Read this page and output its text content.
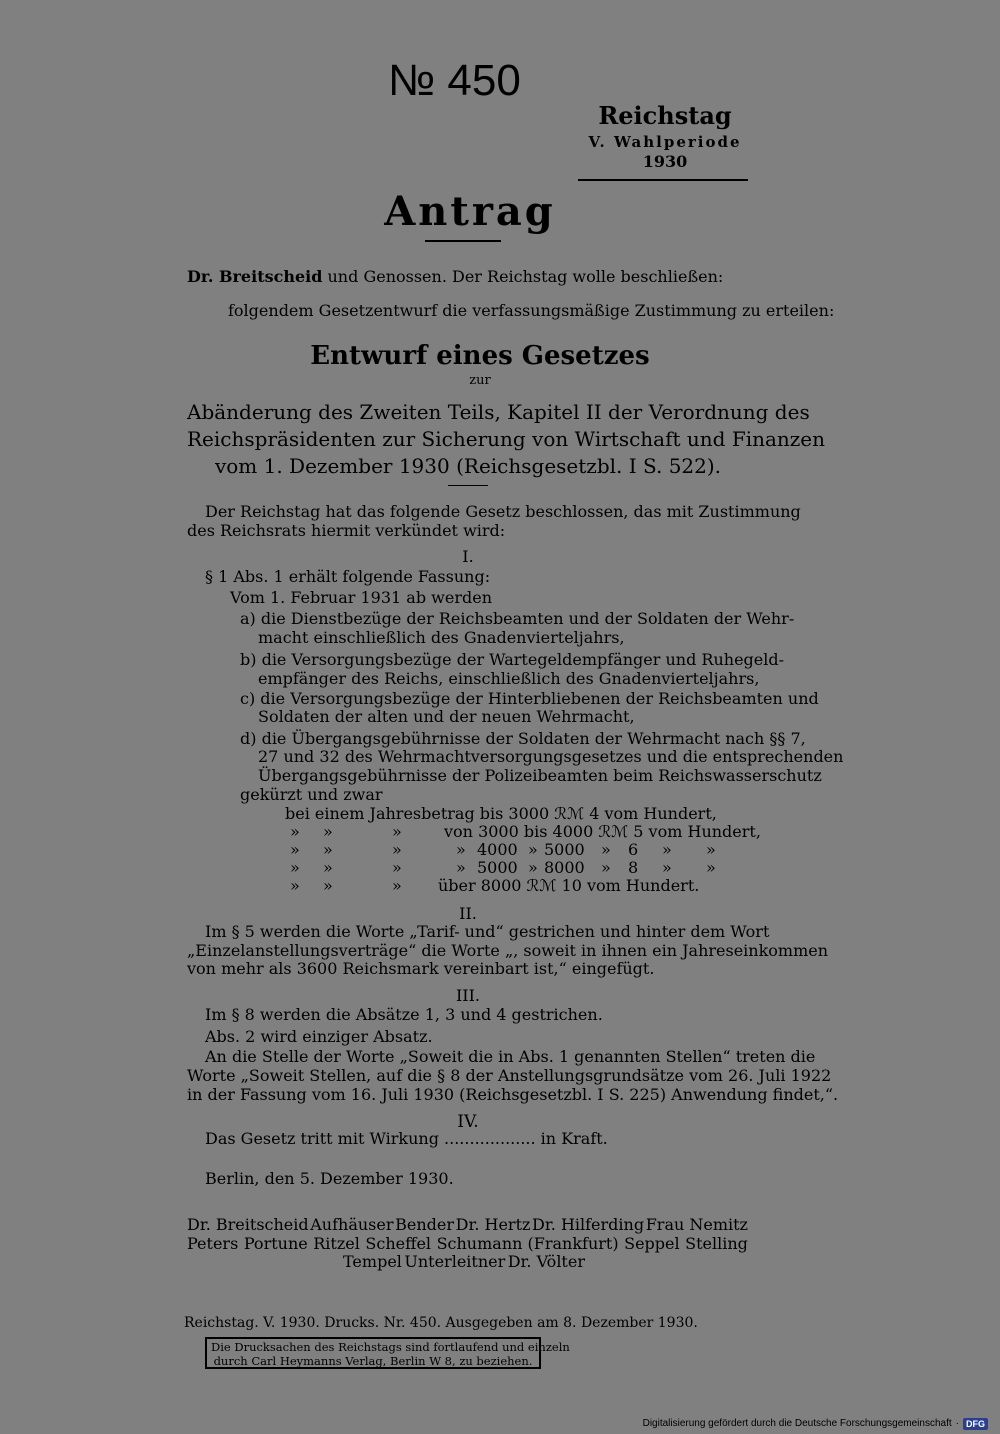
№ 450
Reichstag
V. Wahlperiode
1930
Antrag
Dr. Breitscheid und Genossen. Der Reichstag wolle beschließen:
folgendem Gesetzentwurf die verfassungsmäßige Zustimmung zu erteilen:
Entwurf eines Gesetzes
zur
Abänderung des Zweiten Teils, Kapitel II der Verordnung des
Reichspräsidenten zur Sicherung von Wirtschaft und Finanzen
vom 1. Dezember 1930 (Reichsgesetzbl. I S. 522).
Der Reichstag hat das folgende Gesetz beschlossen, das mit Zustimmung
des Reichsrats hiermit verkündet wird:
I.
§ 1 Abs. 1 erhält folgende Fassung:
Vom 1. Februar 1931 ab werden
a) die Dienstbezüge der Reichsbeamten und der Soldaten der Wehr-
macht einschließlich des Gnadenvierteljahrs,
b) die Versorgungsbezüge der Wartegeldempfänger und Ruhegeld-
empfänger des Reichs, einschließlich des Gnadenvierteljahrs,
c) die Versorgungsbezüge der Hinterbliebenen der Reichsbeamten und
Soldaten der alten und der neuen Wehrmacht,
d) die Übergangsgebührnisse der Soldaten der Wehrmacht nach §§ 7,
27 und 32 des Wehrmachtversorgungsgesetzes und die entsprechenden
Übergangsgebührnisse der Polizeibeamten beim Reichswasserschutz
gekürzt und zwar
bei einem Jahresbetrag bis 3000 ℛℳ 4 vom Hundert,
» »	»	von 3000 bis 4000 ℛℳ 5 vom Hundert,
» »	»	» 4000 » 5000 » 6 » »
» »	»	» 5000 » 8000 » 8 » »
» »	» über 8000 ℛℳ 10 vom Hundert.
II.
Im § 5 werden die Worte „Tarif- und“ gestrichen und hinter dem Wort
„Einzelanstellungsverträge“ die Worte „, soweit in ihnen ein Jahreseinkommen
von mehr als 3600 Reichsmark vereinbart ist,“ eingefügt.
III.
Im § 8 werden die Absätze 1, 3 und 4 gestrichen.
Abs. 2 wird einziger Absatz.
An die Stelle der Worte „Soweit die in Abs. 1 genannten Stellen“ treten die
Worte „Soweit Stellen, auf die § 8 der Anstellungsgrundsätze vom 26. Juli 1922
in der Fassung vom 16. Juli 1930 (Reichsgesetzbl. I S. 225) Anwendung findet,“.
IV.
Das Gesetz tritt mit Wirkung .................. in Kraft.
Berlin, den 5. Dezember 1930.
Dr. Breitscheid Aufhäuser Bender Dr. Hertz Dr. Hilferding Frau Nemitz
Peters Portune Ritzel Scheffel Schumann (Frankfurt) Seppel Stelling
Tempel Unterleitner Dr. Völter
Reichstag. V. 1930. Drucks. Nr. 450. Ausgegeben am 8. Dezember 1930.
Die Drucksachen des Reichstags sind fortlaufend und einzeln
durch Carl Heymanns Verlag, Berlin W 8, zu beziehen.
Digitalisierung gefördert durch die Deutsche Forschungsgemeinschaft · DFG
